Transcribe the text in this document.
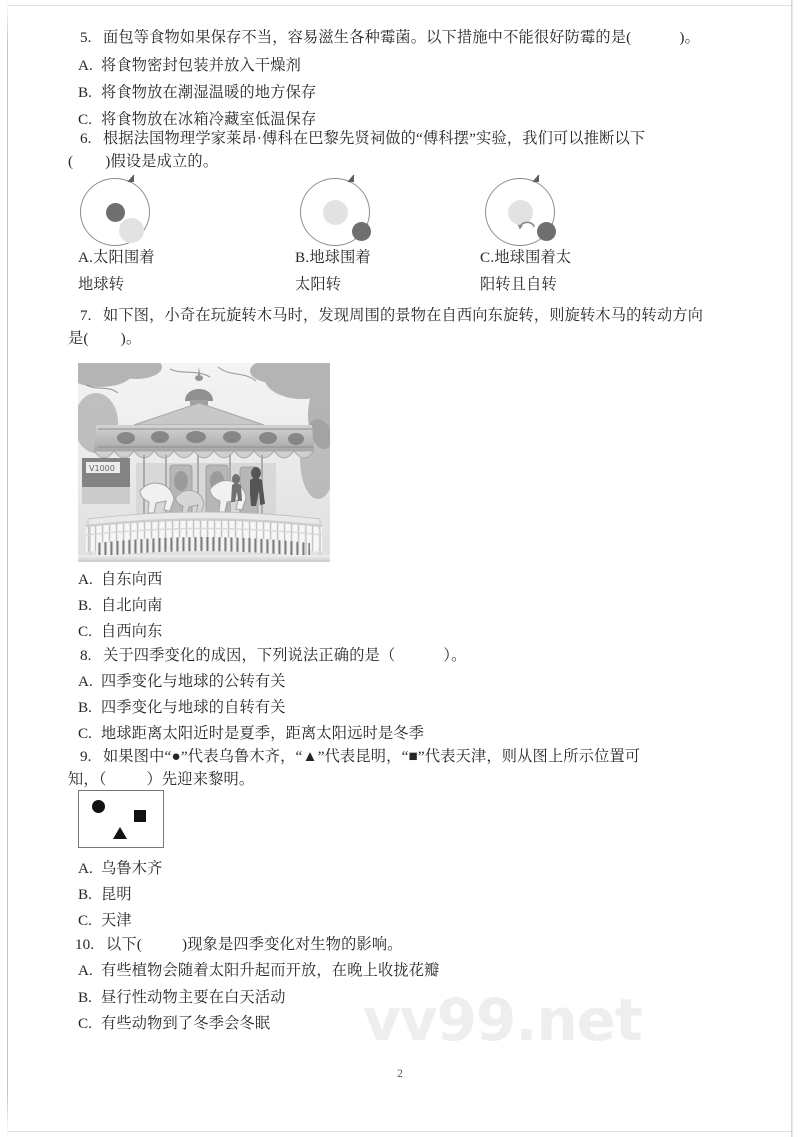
5. 面包等食物如果保存不当，容易滋生各种霉菌。以下措施中不能很好防霉的是(            )。
A. 将食物密封包装并放入干燥剂
B. 将食物放在潮湿温暖的地方保存
C. 将食物放在冰箱冷藏室低温保存
6. 根据法国物理学家莱昂·傅科在巴黎先贤祠做的“傅科摆”实验，我们可以推断以下
(        )假设是成立的。
A.太阳围着
地球转
B.地球围着
太阳转
C.地球围着太
阳转且自转
7. 如下图，小奇在玩旋转木马时，发现周围的景物在自西向东旋转，则旋转木马的转动方向
是(        )。
V1000
A. 自东向西
B. 自北向南
C. 自西向东
8. 关于四季变化的成因，下列说法正确的是（            ）。
A. 四季变化与地球的公转有关
B. 四季变化与地球的自转有关
C. 地球距离太阳近时是夏季，距离太阳远时是冬季
9. 如果图中“●”代表乌鲁木齐，“▲”代表昆明，“■”代表天津，则从图上所示位置可
知，（          ）先迎来黎明。
A. 乌鲁木齐
B. 昆明
C. 天津
10. 以下(          )现象是四季变化对生物的影响。
A. 有些植物会随着太阳升起而开放，在晚上收拢花瓣
B. 昼行性动物主要在白天活动
C. 有些动物到了冬季会冬眠 vv99.net
2
